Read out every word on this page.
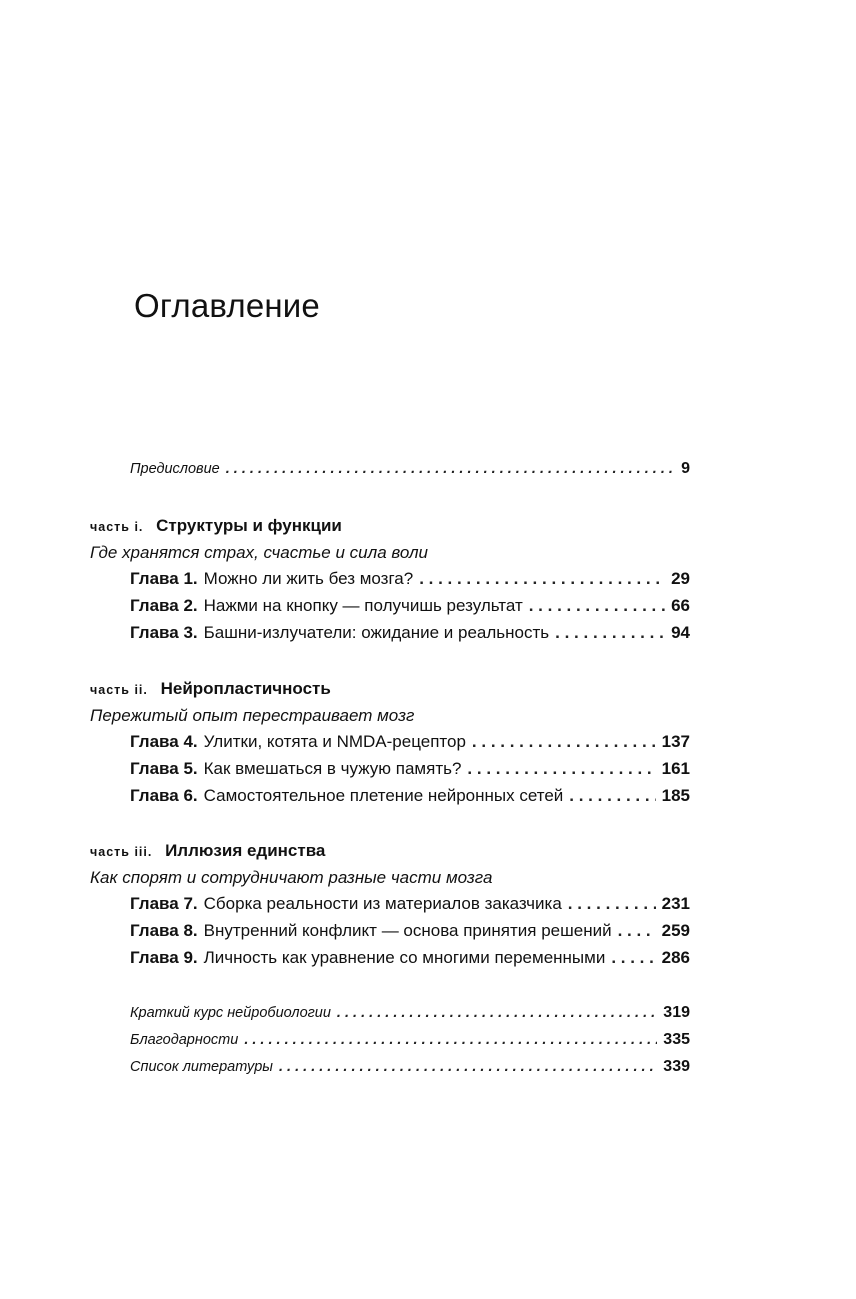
Оглавление
Предисловие . . .	9
часть i. Структуры и функции
Где хранятся страх, счастье и сила воли
Глава 1. Можно ли жить без мозга? . . .	29
Глава 2. Нажми на кнопку — получишь результат . . .	66
Глава 3. Башни-излучатели: ожидание и реальность . . .	94
часть ii. Нейропластичность
Пережитый опыт перестраивает мозг
Глава 4. Улитки, котята и NMDA-рецептор . . .	137
Глава 5. Как вмешаться в чужую память? . . .	161
Глава 6. Самостоятельное плетение нейронных сетей . . .	185
часть iii. Иллюзия единства
Как спорят и сотрудничают разные части мозга
Глава 7. Сборка реальности из материалов заказчика . . .	231
Глава 8. Внутренний конфликт — основа принятия решений . . .	259
Глава 9. Личность как уравнение со многими переменными . . .	286
Краткий курс нейробиологии . . .	319
Благодарности . . .	335
Список литературы . . .	339
